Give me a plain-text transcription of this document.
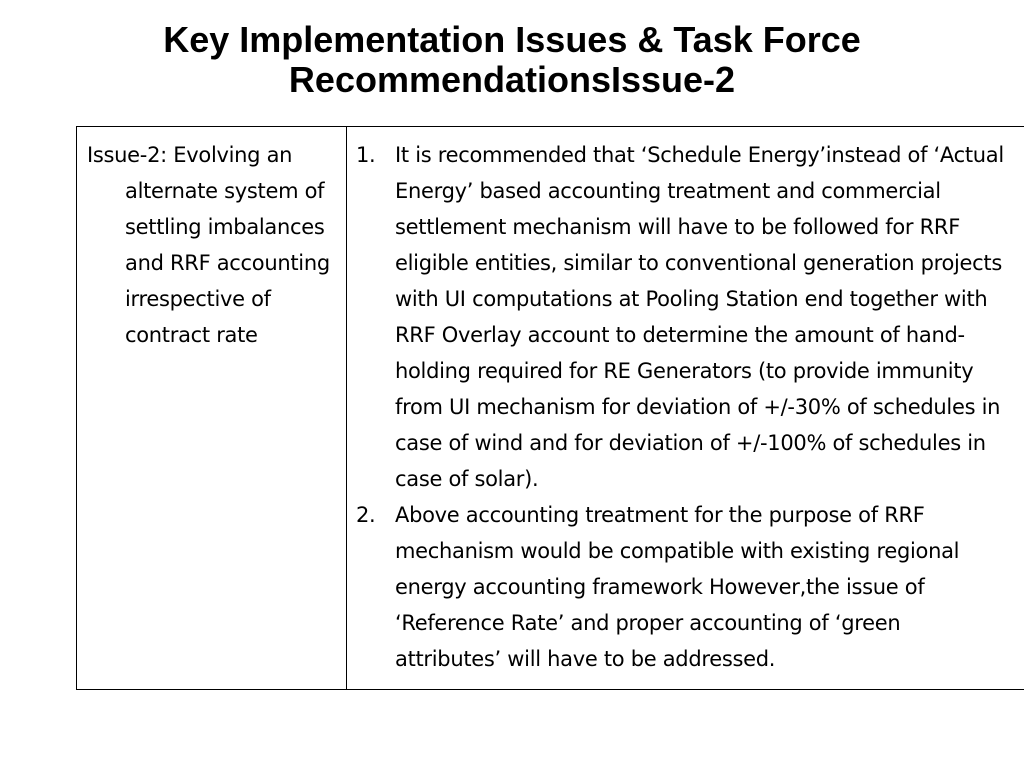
Key Implementation Issues & Task Force
RecommendationsIssue-2
Issue-2: Evolving an alternate system of settling imbalances and RRF accounting irrespective of contract rate

1. It is recommended that ‘Schedule Energy’instead of ‘Actual Energy’ based accounting treatment and commercial settlement mechanism will have to be followed for RRF eligible entities, similar to conventional generation projects with UI computations at Pooling Station end together with RRF Overlay account to determine the amount of hand-holding required for RE Generators (to provide immunity from UI mechanism for deviation of +/-30% of schedules in case of wind and for deviation of +/-100% of schedules in case of solar).
2. Above accounting treatment for the purpose of RRF mechanism would be compatible with existing regional energy accounting framework However,the issue of ‘Reference Rate’ and proper accounting of ‘green attributes’ will have to be addressed.
